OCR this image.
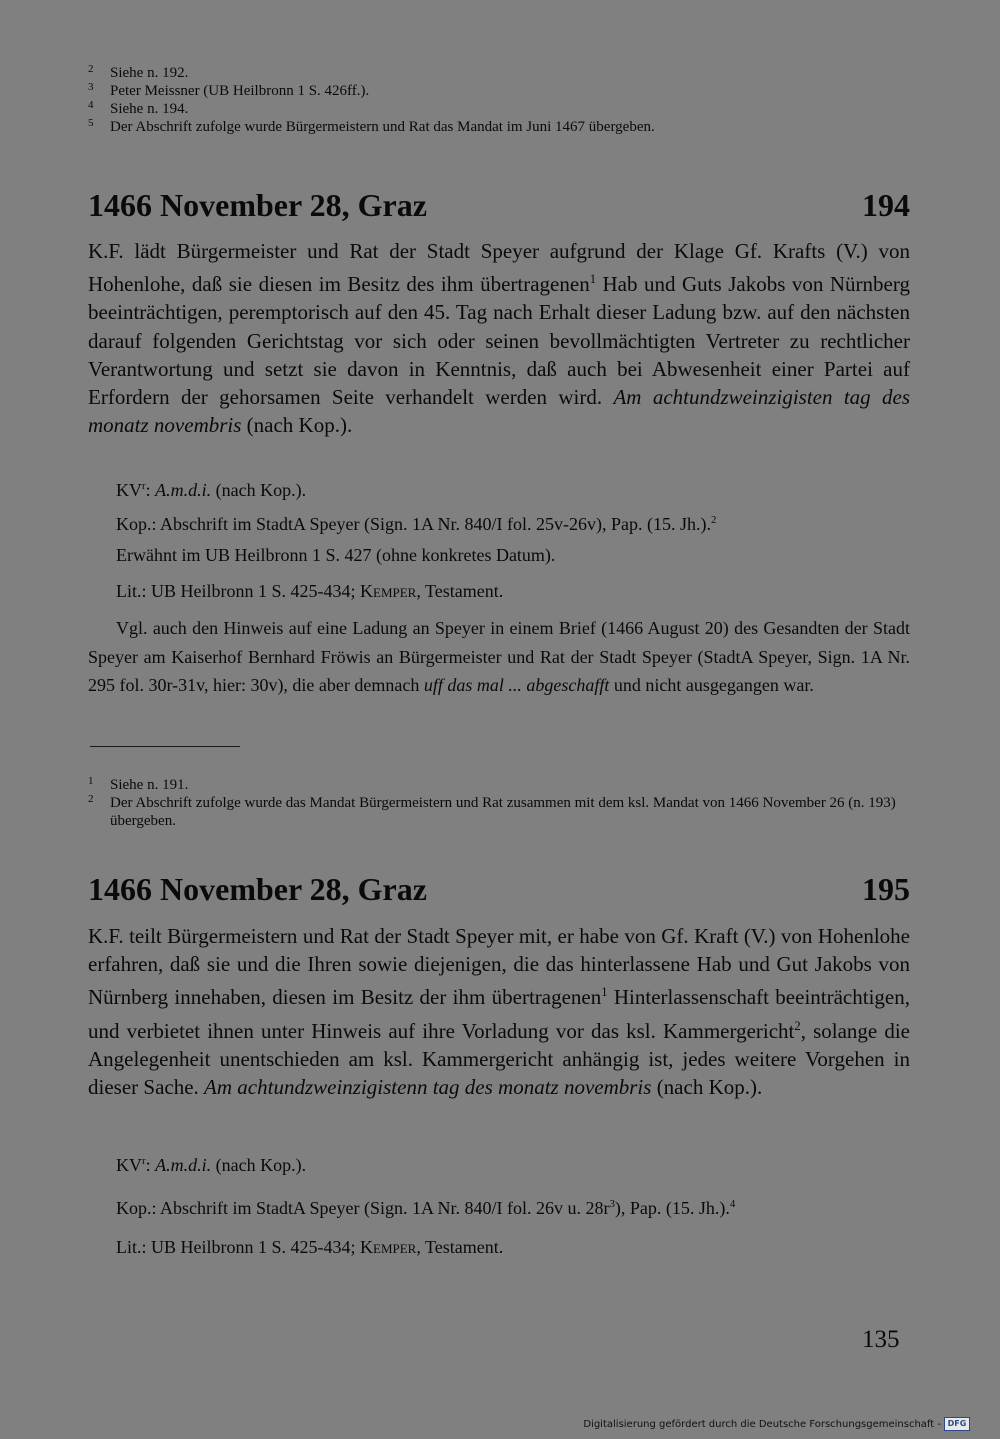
2	Siehe n. 192.
3	Peter Meissner (UB Heilbronn 1 S. 426ff.).
4	Siehe n. 194.
5	Der Abschrift zufolge wurde Bürgermeistern und Rat das Mandat im Juni 1467 übergeben.
1466 November 28, Graz	194
K.F. lädt Bürgermeister und Rat der Stadt Speyer aufgrund der Klage Gf. Krafts (V.) von Hohenlohe, daß sie diesen im Besitz des ihm übertragenen$^1$ Hab und Guts Jakobs von Nürnberg beeinträchtigen, peremptorisch auf den 45. Tag nach Erhalt dieser Ladung bzw. auf den nächsten darauf folgenden Gerichtstag vor sich oder seinen bevollmächtigten Vertreter zu rechtlicher Verantwortung und setzt sie davon in Kenntnis, daß auch bei Abwesenheit einer Partei auf Erfordern der gehorsamen Seite verhandelt werden wird. Am achtundzweinzigisten tag des monatz novembris (nach Kop.).
$KV^r$: A.m.d.i. (nach Kop.).
Kop.: Abschrift im StadtA Speyer (Sign. 1A Nr. 840/I fol. 25v-26v), Pap. (15. Jh.).$^2$
Erwähnt im UB Heilbronn 1 S. 427 (ohne konkretes Datum).
Lit.: UB Heilbronn 1 S. 425-434; Kemper, Testament.
Vgl. auch den Hinweis auf eine Ladung an Speyer in einem Brief (1466 August 20) des Gesandten der Stadt Speyer am Kaiserhof Bernhard Fröwis an Bürgermeister und Rat der Stadt Speyer (StadtA Speyer, Sign. 1A Nr. 295 fol. 30r-31v, hier: 30v), die aber demnach uff das mal ... abgeschafft und nicht ausgegangen war.
1	Siehe n. 191.
2	Der Abschrift zufolge wurde das Mandat Bürgermeistern und Rat zusammen mit dem ksl. Mandat von 1466 November 26 (n. 193) übergeben.
1466 November 28, Graz	195
K.F. teilt Bürgermeistern und Rat der Stadt Speyer mit, er habe von Gf. Kraft (V.) von Hohenlohe erfahren, daß sie und die Ihren sowie diejenigen, die das hinterlassene Hab und Gut Jakobs von Nürnberg innehaben, diesen im Besitz der ihm übertragenen$^1$ Hinterlassenschaft beeinträchtigen, und verbietet ihnen unter Hinweis auf ihre Vorladung vor das ksl. Kammergericht$^2$, solange die Angelegenheit unentschieden am ksl. Kammergericht anhängig ist, jedes weitere Vorgehen in dieser Sache. Am achtundzweinzigistenn tag des monatz novembris (nach Kop.).
$KV^r$: A.m.d.i. (nach Kop.).
Kop.: Abschrift im StadtA Speyer (Sign. 1A Nr. 840/I fol. 26v u. $28r^3$), Pap. (15. Jh.).$^4$
Lit.: UB Heilbronn 1 S. 425-434; Kemper, Testament.
135
Digitalisierung gefördert durch die Deutsche Forschungsgemeinschaft - DFG
